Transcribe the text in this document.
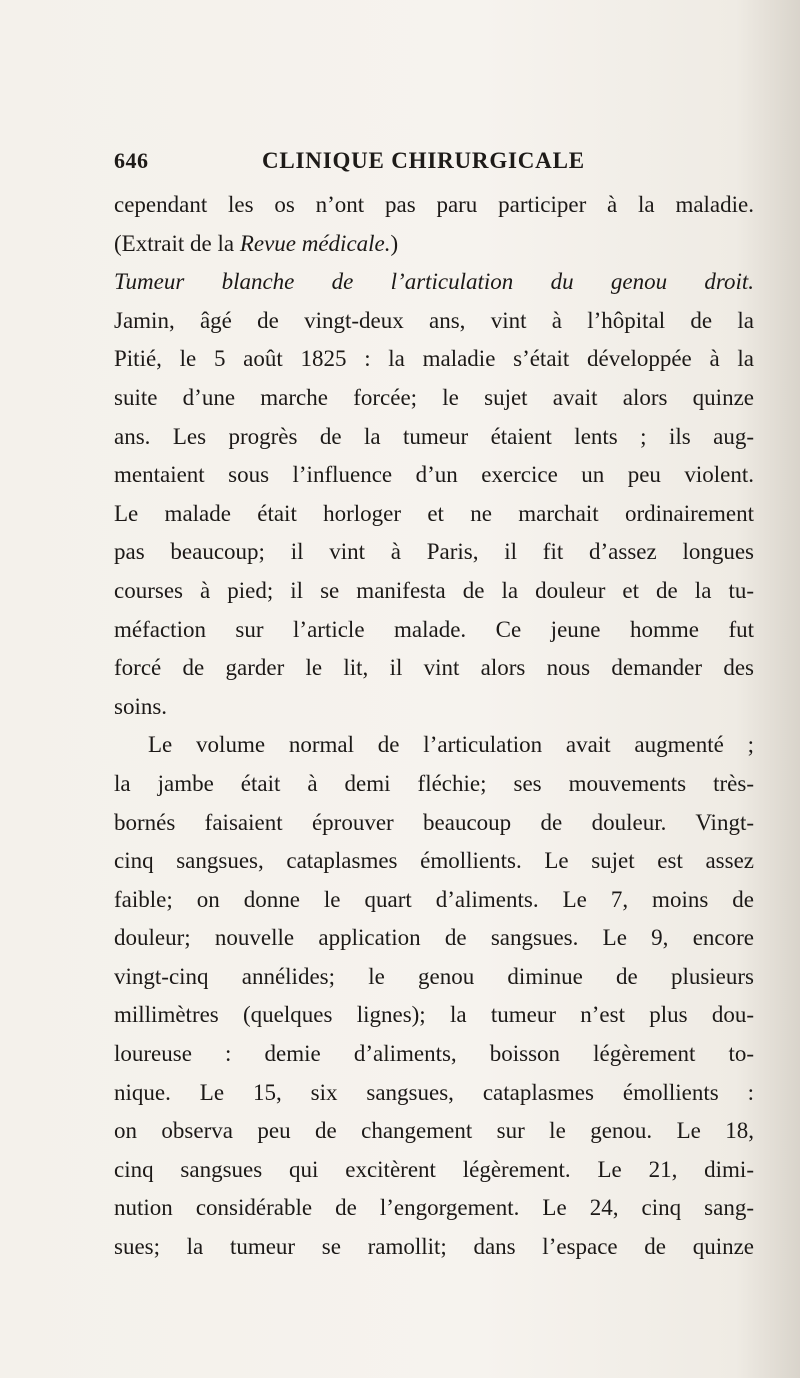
646	CLINIQUE CHIRURGICALE
cependant les os n’ont pas paru participer à la maladie.
(Extrait de la Revue médicale.)
Tumeur blanche de l’articulation du genou droit.
Jamin, âgé de vingt-deux ans, vint à l’hôpital de la
Pitié, le 5 août 1825 : la maladie s’était développée à la
suite d’une marche forcée; le sujet avait alors quinze
ans. Les progrès de la tumeur étaient lents ; ils aug-
mentaient sous l’influence d’un exercice un peu violent.
Le malade était horloger et ne marchait ordinairement
pas beaucoup; il vint à Paris, il fit d’assez longues
courses à pied; il se manifesta de la douleur et de la tu-
méfaction sur l’article malade. Ce jeune homme fut
forcé de garder le lit, il vint alors nous demander des
soins.
Le volume normal de l’articulation avait augmenté ;
la jambe était à demi fléchie; ses mouvements très-
bornés faisaient éprouver beaucoup de douleur. Vingt-
cinq sangsues, cataplasmes émollients. Le sujet est assez
faible; on donne le quart d’aliments. Le 7, moins de
douleur; nouvelle application de sangsues. Le 9, encore
vingt-cinq annélides; le genou diminue de plusieurs
millimètres (quelques lignes); la tumeur n’est plus dou-
loureuse : demie d’aliments, boisson légèrement to-
nique. Le 15, six sangsues, cataplasmes émollients :
on observa peu de changement sur le genou. Le 18,
cinq sangsues qui excitèrent légèrement. Le 21, dimi-
nution considérable de l’engorgement. Le 24, cinq sang-
sues; la tumeur se ramollit; dans l’espace de quinze
